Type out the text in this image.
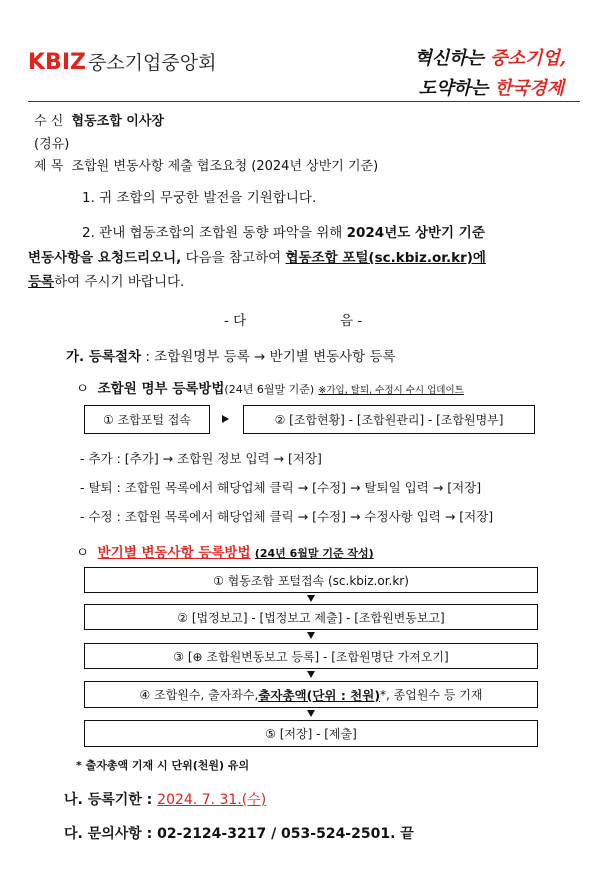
KBIZ 중소기업중앙회	혁신하는 중소기업,
도약하는 한국경제
수 신 협동조합 이사장
(경유)
제 목 조합원 변동사항 제출 협조요청 (2024년 상반기 기준)
1. 귀 조합의 무궁한 발전을 기원합니다.
2. 관내 협동조합의 조합원 동향 파악을 위해 2024년도 상반기 기준
변동사항을 요청드리오니, 다음을 참고하여 협동조합 포털(sc.kbiz.or.kr)에
등록하여 주시기 바랍니다.
- 다	음 -
가. 등록절차 : 조합원명부 등록 → 반기별 변동사항 등록
ㅇ 조합원 명부 등록방법(24년 6월말 기준) ※가입, 탈퇴, 수정시 수시 업데이트
① 조합포털 접속	② [조합현황] - [조합원관리] - [조합원명부]
- 추가 : [추가] → 조합원 정보 입력 → [저장]
- 탈퇴 : 조합원 목록에서 해당업체 클릭 → [수정] → 탈퇴일 입력 → [저장]
- 수정 : 조합원 목록에서 해당업체 클릭 → [수정] → 수정사항 입력 → [저장]
ㅇ 반기별 변동사항 등록방법 (24년 6월말 기준 작성)
① 협동조합 포털접속 (sc.kbiz.or.kr)
② [법정보고] - [법정보고 제출] - [조합원변동보고]
③ [⊕ 조합원변동보고 등록] - [조합원명단 가져오기]
④ 조합원수, 출자좌수, 출자총액(단위 : 천원) *, 종업원수 등 기재
⑤ [저장] - [제출]
* 출자총액 기재 시 단위(천원) 유의
나. 등록기한 : 2024. 7. 31.(수)
다. 문의사항 : 02-2124-3217 / 053-524-2501. 끝
